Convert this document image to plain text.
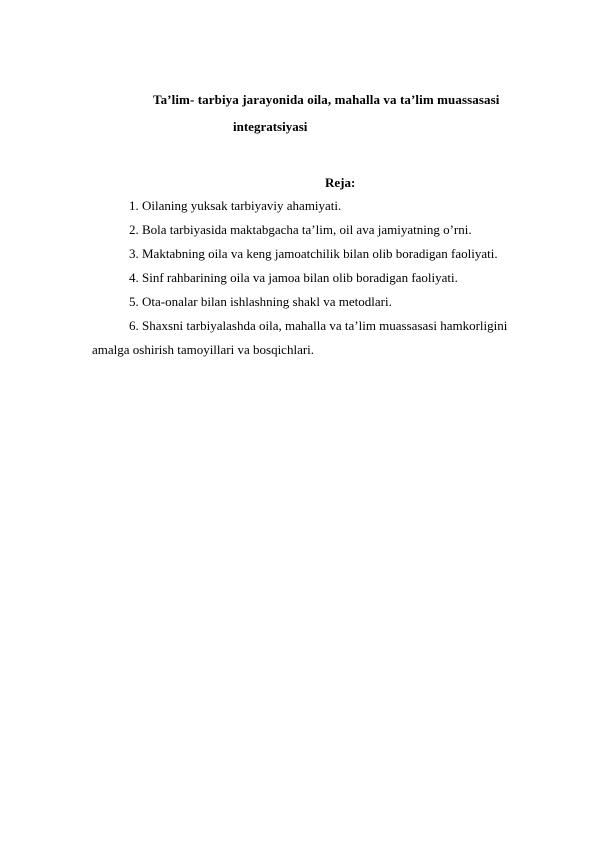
Ta’lim- tarbiya jarayonida oila, mahalla va ta’lim muassasasi
integratsiyasi
Reja:
1. Oilaning yuksak tarbiyaviy ahamiyati.
2. Bola tarbiyasida maktabgacha ta’lim, oil ava jamiyatning o’rni.
3. Maktabning oila va keng jamoatchilik bilan olib boradigan faoliyati.
4. Sinf rahbarining oila va jamoa bilan olib boradigan faoliyati.
5. Ota-onalar bilan ishlashning shakl va metodlari.
6. Shaxsni tarbiyalashda oila, mahalla va ta’lim muassasasi hamkorligini
amalga oshirish tamoyillari va bosqichlari.
